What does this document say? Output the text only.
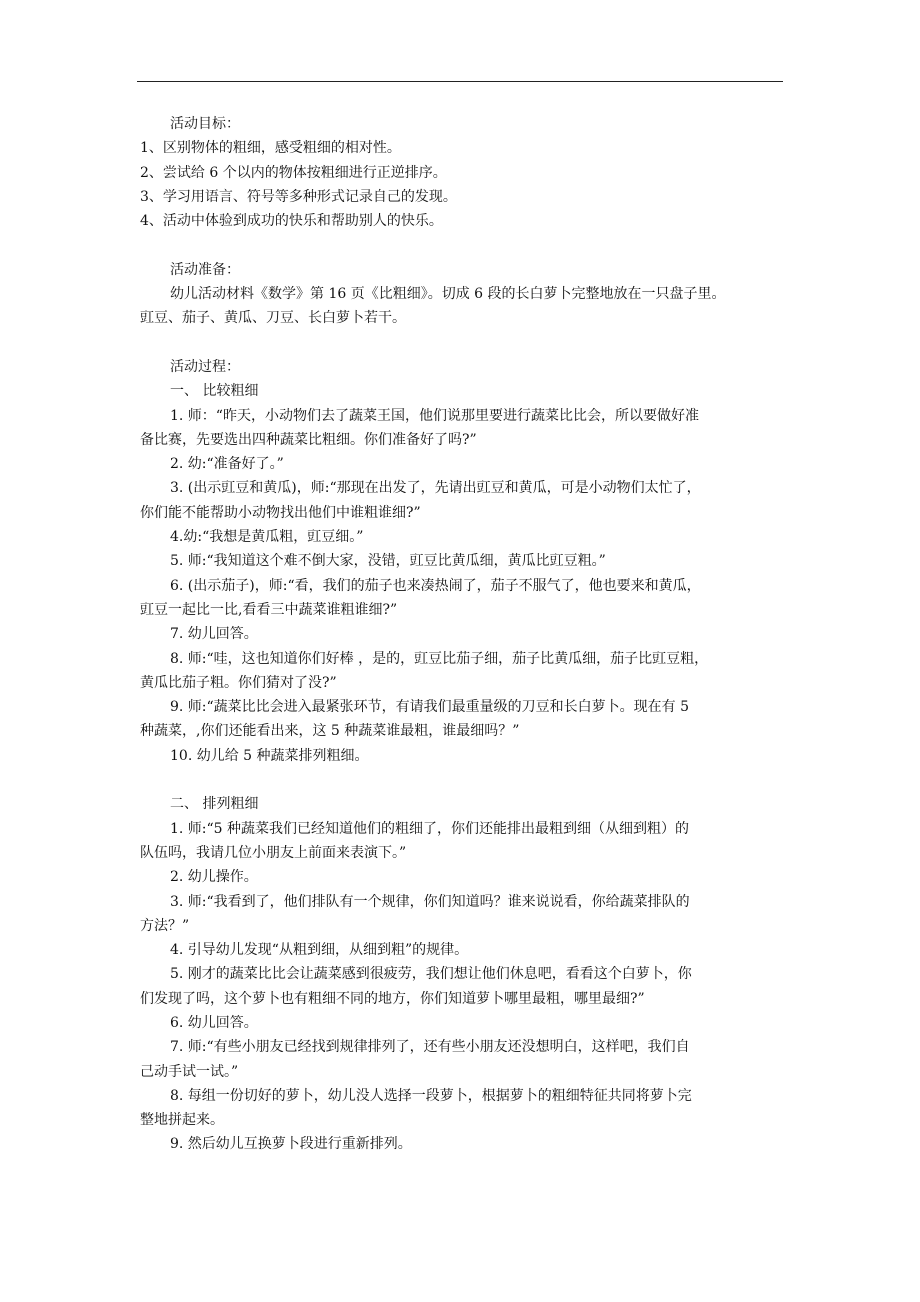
活动目标：
1、区别物体的粗细，感受粗细的相对性。
2、尝试给 6 个以内的物体按粗细进行正逆排序。
3、学习用语言、符号等多种形式记录自己的发现。
4、活动中体验到成功的快乐和帮助别人的快乐。
活动准备：
幼儿活动材料《数学》第 16 页《比粗细》。切成 6 段的长白萝卜完整地放在一只盘子里。
豇豆、茄子、黄瓜、刀豆、长白萝卜若干。
活动过程：
一、 比较粗细
1. 师：“昨天，小动物们去了蔬菜王国，他们说那里要进行蔬菜比比会，所以要做好准
备比赛，先要选出四种蔬菜比粗细。你们准备好了吗?”
2. 幼:“准备好了。”
3. (出示豇豆和黄瓜)，师:“那现在出发了，先请出豇豆和黄瓜，可是小动物们太忙了，
你们能不能帮助小动物找出他们中谁粗谁细?”
4.幼:“我想是黄瓜粗，豇豆细。”
5. 师:“我知道这个难不倒大家，没错，豇豆比黄瓜细，黄瓜比豇豆粗。”
6. (出示茄子)，师:“看，我们的茄子也来凑热闹了，茄子不服气了，他也要来和黄瓜，
豇豆一起比一比,看看三中蔬菜谁粗谁细?”
7. 幼儿回答。
8. 师:“哇，这也知道你们好棒 ，是的，豇豆比茄子细，茄子比黄瓜细，茄子比豇豆粗，
黄瓜比茄子粗。你们猜对了没?”
9. 师:“蔬菜比比会进入最紧张环节，有请我们最重量级的刀豆和长白萝卜。现在有 5
种蔬菜，,你们还能看出来，这 5 种蔬菜谁最粗，谁最细吗？”
10. 幼儿给 5 种蔬菜排列粗细。
二、 排列粗细
1. 师:“5 种蔬菜我们已经知道他们的粗细了，你们还能排出最粗到细（从细到粗）的
队伍吗，我请几位小朋友上前面来表演下。”
2. 幼儿操作。
3. 师:“我看到了，他们排队有一个规律，你们知道吗？谁来说说看，你给蔬菜排队的
方法？”
4. 引导幼儿发现“从粗到细，从细到粗”的规律。
5. 刚才的蔬菜比比会让蔬菜感到很疲劳，我们想让他们休息吧，看看这个白萝卜，你
们发现了吗，这个萝卜也有粗细不同的地方，你们知道萝卜哪里最粗，哪里最细?”
6. 幼儿回答。
7. 师:“有些小朋友已经找到规律排列了，还有些小朋友还没想明白，这样吧，我们自
己动手试一试。”
8. 每组一份切好的萝卜，幼儿没人选择一段萝卜，根据萝卜的粗细特征共同将萝卜完
整地拼起来。
9. 然后幼儿互换萝卜段进行重新排列。
